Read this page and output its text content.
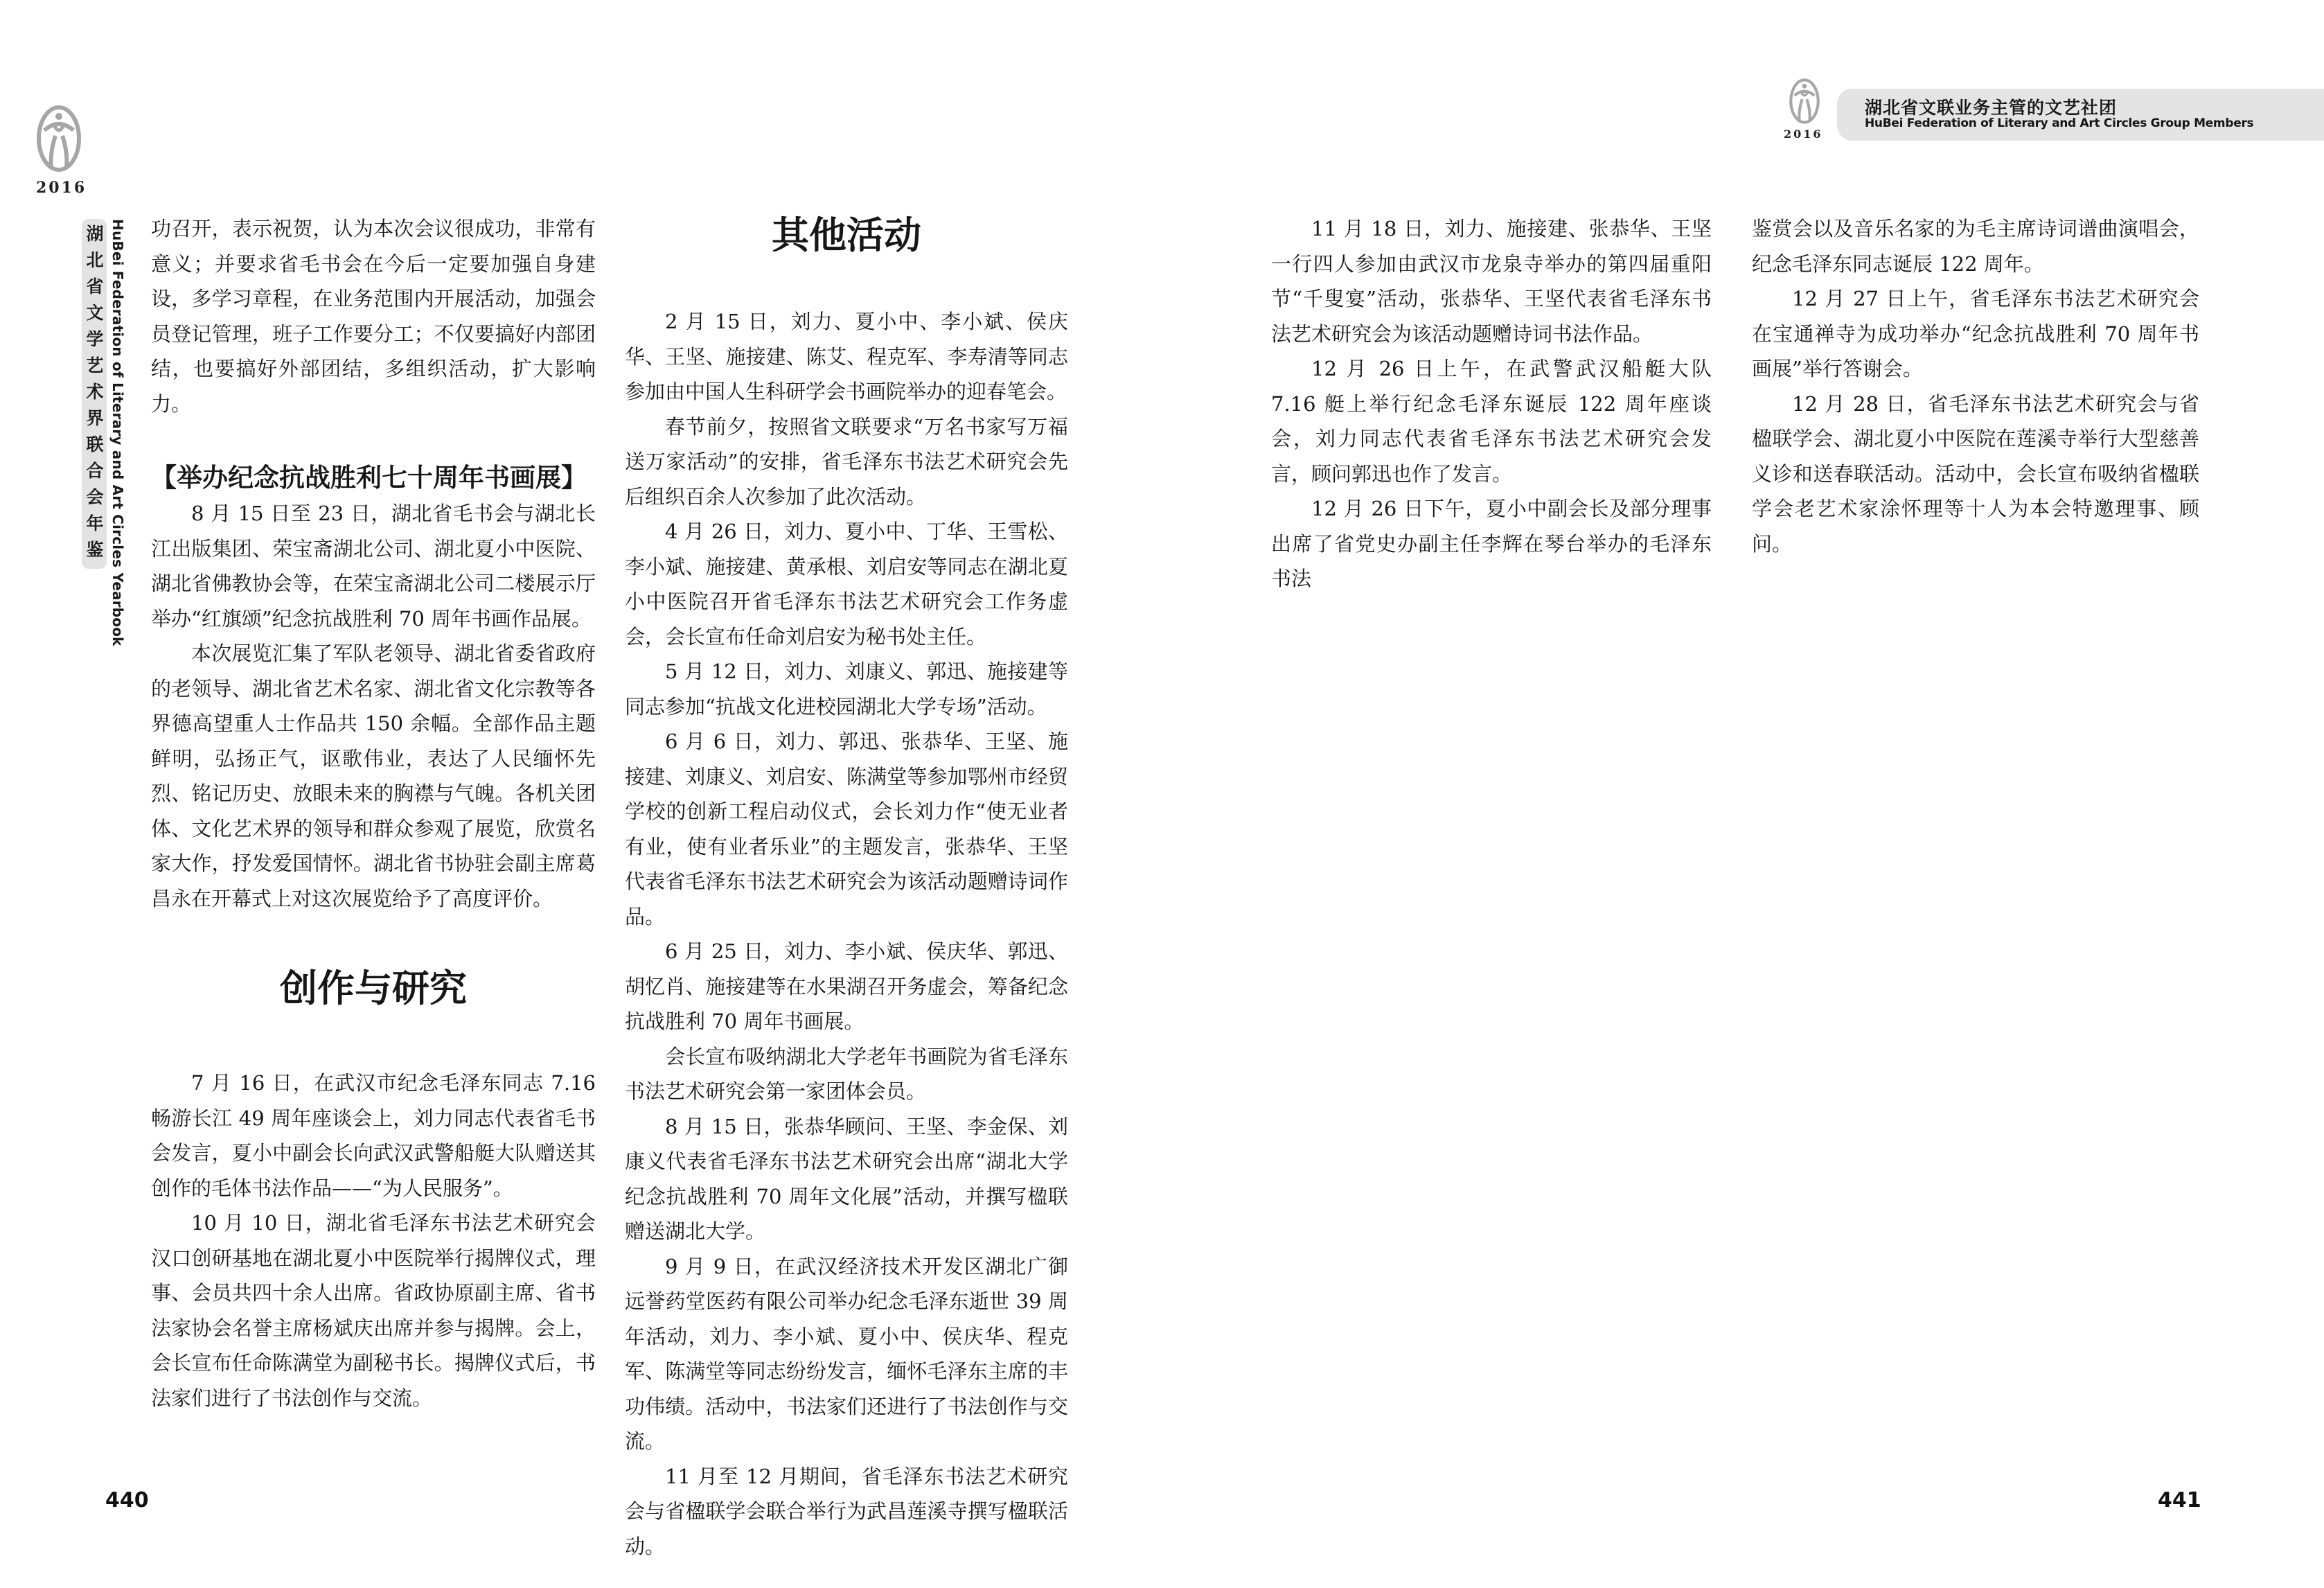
2016
湖北省文学艺术界联合会年鉴 HuBei Federation of Literary and Art Circles Yearbook 功召开，表示祝贺，认为本次会议很成功，非常有意义；并要求省毛书会在今后一定要加强自身建设，多学习章程，在业务范围内开展活动，加强会员登记管理，班子工作要分工；不仅要搞好内部团结，也要搞好外部团结，多组织活动，扩大影响力。

【举办纪念抗战胜利七十周年书画展】

8 月 15 日至 23 日，湖北省毛书会与湖北长江出版集团、荣宝斋湖北公司、湖北夏小中医院、湖北省佛教协会等，在荣宝斋湖北公司二楼展示厅举办“红旗颂”纪念抗战胜利 70 周年书画作品展。

本次展览汇集了军队老领导、湖北省委省政府的老领导、湖北省艺术名家、湖北省文化宗教等各界德高望重人士作品共 150 余幅。全部作品主题鲜明，弘扬正气，讴歌伟业，表达了人民缅怀先烈、铭记历史、放眼未来的胸襟与气魄。各机关团体、文化艺术界的领导和群众参观了展览，欣赏名家大作，抒发爱国情怀。湖北省书协驻会副主席葛昌永在开幕式上对这次展览给予了高度评价。

创作与研究

7 月 16 日，在武汉市纪念毛泽东同志 7.16 畅游长江 49 周年座谈会上，刘力同志代表省毛书会发言，夏小中副会长向武汉武警船艇大队赠送其创作的毛体书法作品——“为人民服务”。

10 月 10 日，湖北省毛泽东书法艺术研究会汉口创研基地在湖北夏小中医院举行揭牌仪式，理事、会员共四十余人出席。省政协原副主席、省书法家协会名誉主席杨斌庆出席并参与揭牌。会上，会长宣布任命陈满堂为副秘书长。揭牌仪式后，书法家们进行了书法创作与交流。

其他活动

2 月 15 日，刘力、夏小中、李小斌、侯庆华、王坚、施接建、陈艾、程克军、李寿清等同志参加由中国人生科研学会书画院举办的迎春笔会。

春节前夕，按照省文联要求“万名书家写万福送万家活动”的安排，省毛泽东书法艺术研究会先后组织百余人次参加了此次活动。

4 月 26 日，刘力、夏小中、丁华、王雪松、李小斌、施接建、黄承根、刘启安等同志在湖北夏小中医院召开省毛泽东书法艺术研究会工作务虚会，会长宣布任命刘启安为秘书处主任。

5 月 12 日，刘力、刘康义、郭迅、施接建等同志参加“抗战文化进校园湖北大学专场”活动。

6 月 6 日，刘力、郭迅、张恭华、王坚、施接建、刘康义、刘启安、陈满堂等参加鄂州市经贸学校的创新工程启动仪式，会长刘力作“使无业者有业，使有业者乐业”的主题发言，张恭华、王坚代表省毛泽东书法艺术研究会为该活动题赠诗词作品。

6 月 25 日，刘力、李小斌、侯庆华、郭迅、胡忆肖、施接建等在水果湖召开务虚会，筹备纪念抗战胜利 70 周年书画展。

会长宣布吸纳湖北大学老年书画院为省毛泽东书法艺术研究会第一家团体会员。

8 月 15 日，张恭华顾问、王坚、李金保、刘康义代表省毛泽东书法艺术研究会出席“湖北大学纪念抗战胜利 70 周年文化展”活动，并撰写楹联赠送湖北大学。

9 月 9 日，在武汉经济技术开发区湖北广御远誉药堂医药有限公司举办纪念毛泽东逝世 39 周年活动，刘力、李小斌、夏小中、侯庆华、程克军、陈满堂等同志纷纷发言，缅怀毛泽东主席的丰功伟绩。活动中，书法家们还进行了书法创作与交流。

11 月至 12 月期间，省毛泽东书法艺术研究会与省楹联学会联合举行为武昌莲溪寺撰写楹联活动。

440
2016
湖北省文联业务主管的文艺社团
HuBei Federation of Literary and Art Circles Group Members

11 月 18 日，刘力、施接建、张恭华、王坚一行四人参加由武汉市龙泉寺举办的第四届重阳节“千叟宴”活动，张恭华、王坚代表省毛泽东书法艺术研究会为该活动题赠诗词书法作品。

12 月 26 日上午，在武警武汉船艇大队 7.16 艇上举行纪念毛泽东诞辰 122 周年座谈会，刘力同志代表省毛泽东书法艺术研究会发言，顾问郭迅也作了发言。

12 月 26 日下午，夏小中副会长及部分理事出席了省党史办副主任李辉在琴台举办的毛泽东书法

鉴赏会以及音乐名家的为毛主席诗词谱曲演唱会，纪念毛泽东同志诞辰 122 周年。

12 月 27 日上午，省毛泽东书法艺术研究会在宝通禅寺为成功举办“纪念抗战胜利 70 周年书画展”举行答谢会。

12 月 28 日，省毛泽东书法艺术研究会与省楹联学会、湖北夏小中医院在莲溪寺举行大型慈善义诊和送春联活动。活动中，会长宣布吸纳省楹联学会老艺术家涂怀理等十人为本会特邀理事、顾问。

441
